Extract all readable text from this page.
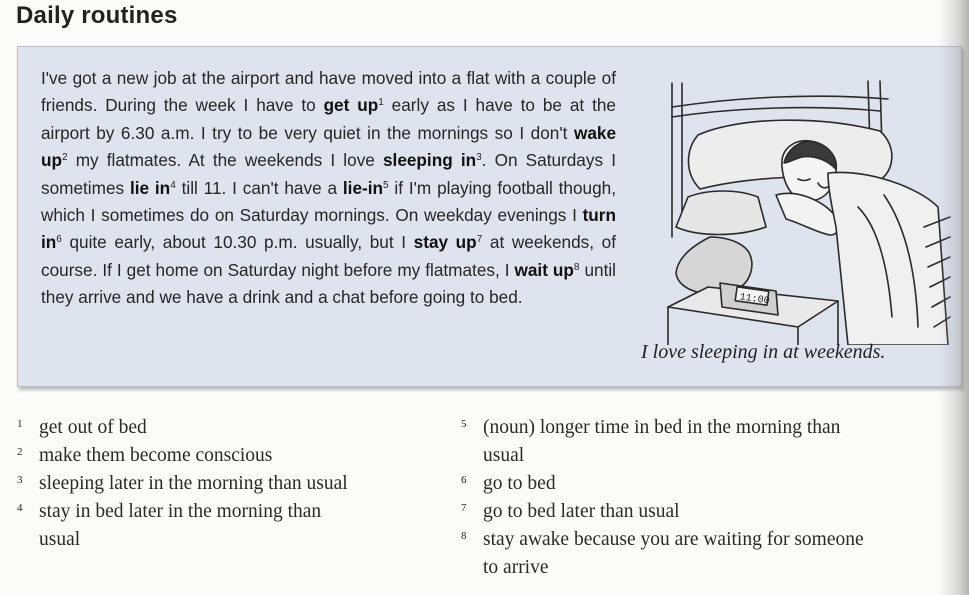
Daily routines
I've got a new job at the airport and have moved into a flat with a couple of friends. During the week I have to get $up^1$ early as I have to be at the airport by 6.30 a.m. I try to be very quiet in the mornings so I don't wake $up^2$ my flatmates. At the weekends I love sleeping $in^3$. On Saturdays I sometimes lie $in^4$ till 11. I can't have a lie-$in^5$ if I'm playing football though, which I sometimes do on Saturday mornings. On weekday evenings I turn $in^6$ quite early, about 10.30 p.m. usually, but I stay $up^7$ at weekends, of course. If I get home on Saturday night before my flatmates, I wait $up^8$ until they arrive and we have a drink and a chat before going to bed.	11:00
I love sleeping in at weekends.
1 get out of bed
2 make them become conscious
3 sleeping later in the morning than usual
4 stay in bed later in the morning than
usual
5 (noun) longer time in bed in the morning than
usual
6 go to bed
7 go to bed later than usual
8 stay awake because you are waiting for someone
to arrive
